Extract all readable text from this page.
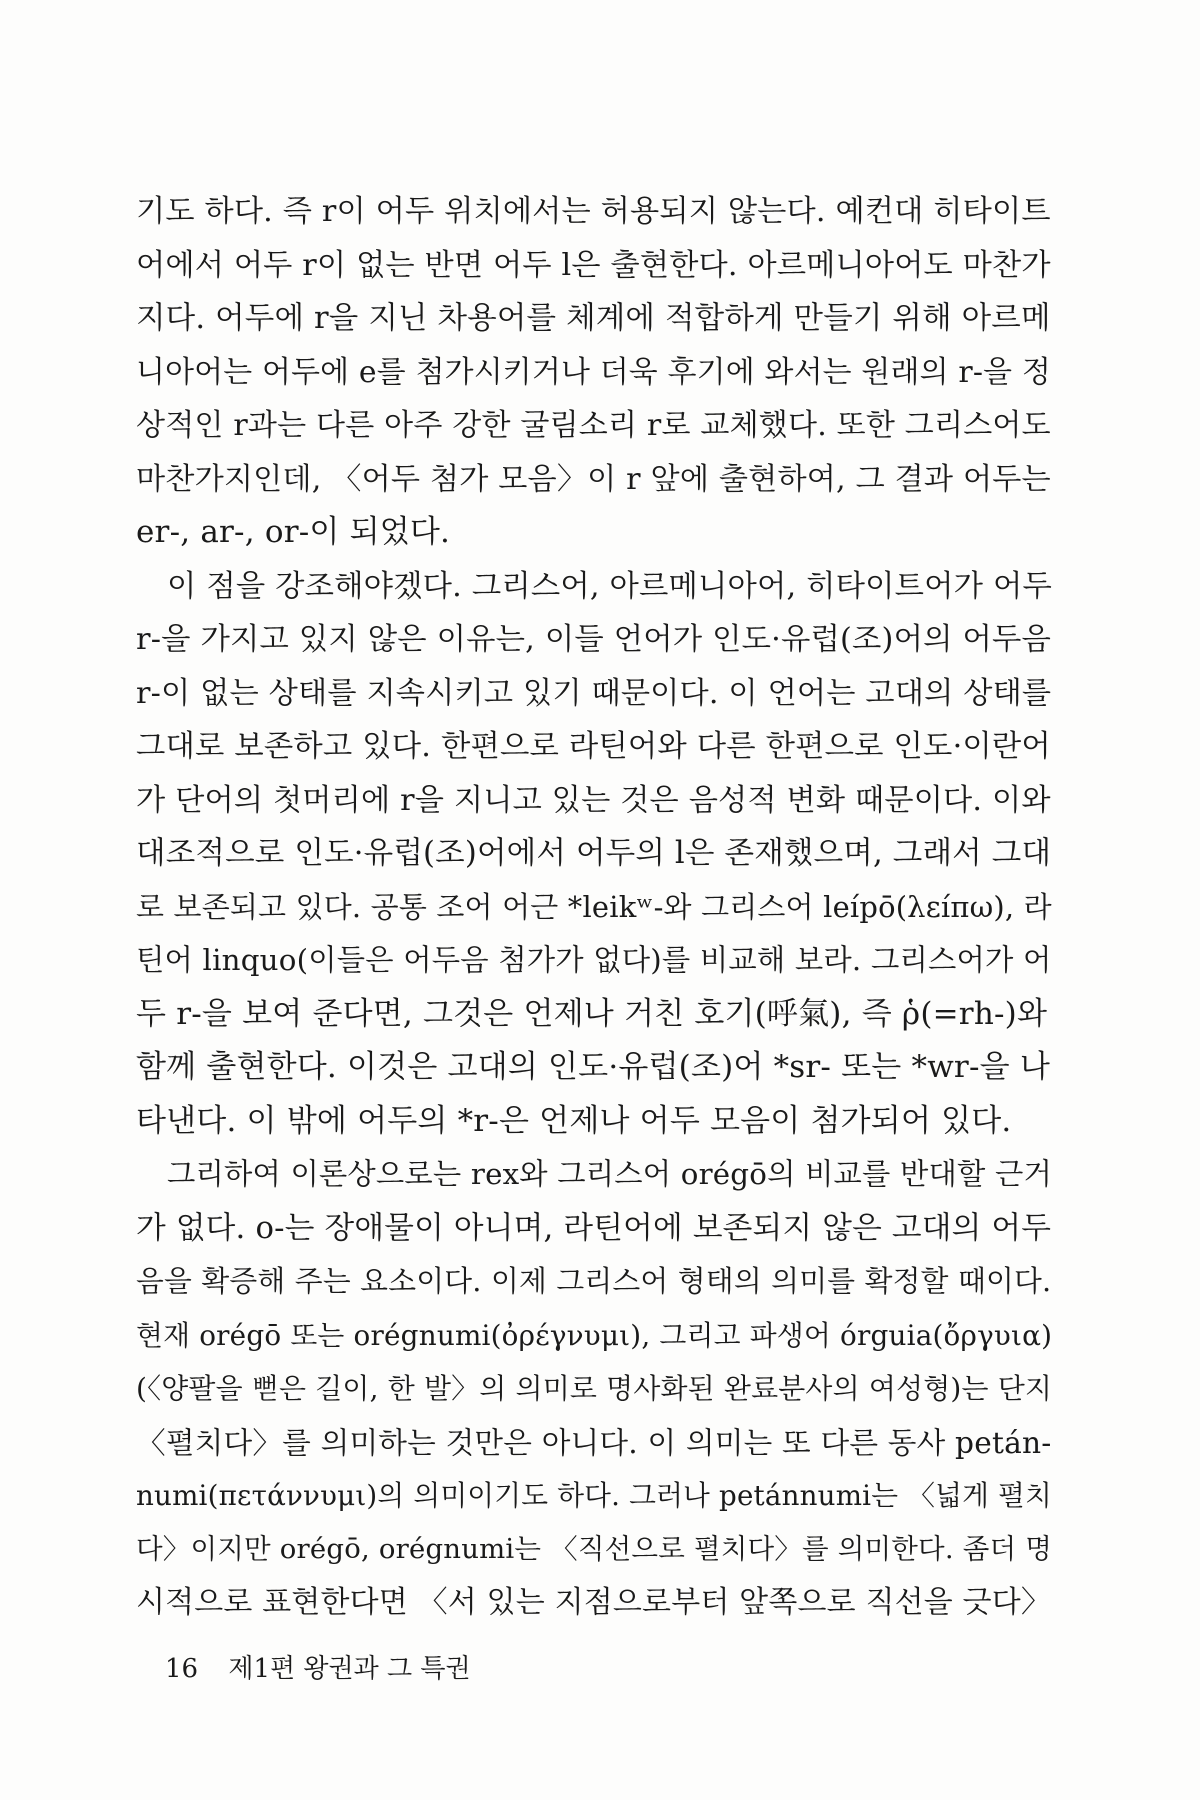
기도 하다. 즉 r이 어두 위치에서는 허용되지 않는다. 예컨대 히타이트
어에서 어두 r이 없는 반면 어두 l은 출현한다. 아르메니아어도 마찬가
지다. 어두에 r을 지닌 차용어를 체계에 적합하게 만들기 위해 아르메
니아어는 어두에 e를 첨가시키거나 더욱 후기에 와서는 원래의 r-을 정
상적인 r과는 다른 아주 강한 굴림소리 r로 교체했다. 또한 그리스어도
마찬가지인데, 〈어두 첨가 모음〉이 r 앞에 출현하여, 그 결과 어두는
er-, ar-, or-이 되었다.
이 점을 강조해야겠다. 그리스어, 아르메니아어, 히타이트어가 어두
r-을 가지고 있지 않은 이유는, 이들 언어가 인도·유럽(조)어의 어두음
r-이 없는 상태를 지속시키고 있기 때문이다. 이 언어는 고대의 상태를
그대로 보존하고 있다. 한편으로 라틴어와 다른 한편으로 인도·이란어
가 단어의 첫머리에 r을 지니고 있는 것은 음성적 변화 때문이다. 이와
대조적으로 인도·유럽(조)어에서 어두의 l은 존재했으며, 그래서 그대
로 보존되고 있다. 공통 조어 어근 *leikʷ-와 그리스어 leípō(λεíπω), 라
틴어 linquo(이들은 어두음 첨가가 없다)를 비교해 보라. 그리스어가 어
두 r-을 보여 준다면, 그것은 언제나 거친 호기(呼氣), 즉 ῥ(=rh-)와
함께 출현한다. 이것은 고대의 인도·유럽(조)어 *sr- 또는 *wr-을 나
타낸다. 이 밖에 어두의 *r-은 언제나 어두 모음이 첨가되어 있다.
그리하여 이론상으로는 rex와 그리스어 orégō의 비교를 반대할 근거
가 없다. o-는 장애물이 아니며, 라틴어에 보존되지 않은 고대의 어두
음을 확증해 주는 요소이다. 이제 그리스어 형태의 의미를 확정할 때이다.
현재 orégō 또는 orégnumi(ὀρέγνυμι), 그리고 파생어 órguia(ὄργυια)
(〈양팔을 뻗은 길이, 한 발〉의 의미로 명사화된 완료분사의 여성형)는 단지
〈펼치다〉를 의미하는 것만은 아니다. 이 의미는 또 다른 동사 petán-
numi(πετάννυμι)의 의미이기도 하다. 그러나 petánnumi는 〈넓게 펼치
다〉이지만 orégō, orégnumi는 〈직선으로 펼치다〉를 의미한다. 좀더 명
시적으로 표현한다면 〈서 있는 지점으로부터 앞쪽으로 직선을 긋다〉
16 제1편 왕권과 그 특권
